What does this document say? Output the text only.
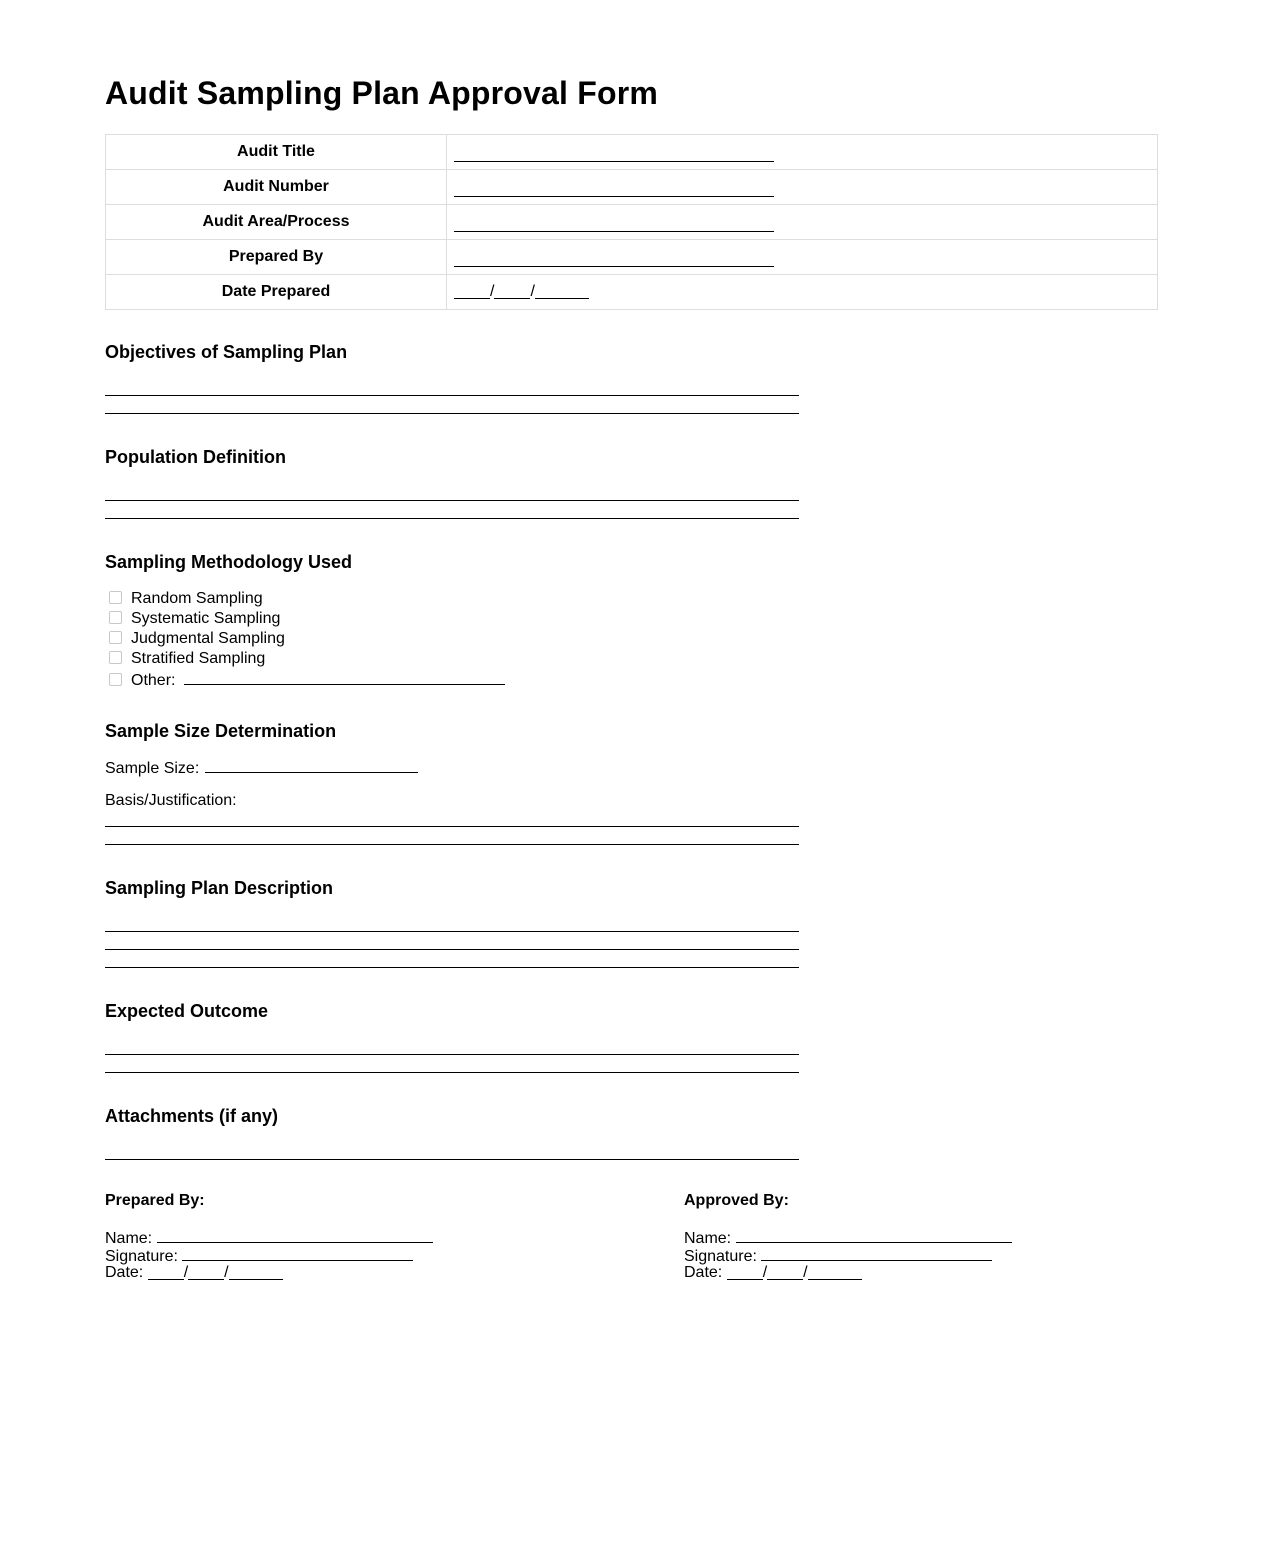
Audit Sampling Plan Approval Form
Audit Title	
Audit Number	
Audit Area/Process	
Prepared By	
Date Prepared	/ /
Objectives of Sampling Plan
Population Definition
Sampling Methodology Used
Random Sampling
Systematic Sampling
Judgmental Sampling
Stratified Sampling
Other:
Sample Size Determination
Sample Size:
Basis/Justification:
Sampling Plan Description
Expected Outcome
Attachments (if any)
Prepared By:
Name:
Signature:
Date:	/ /
Approved By:
Name:
Signature:
Date:	/ /
